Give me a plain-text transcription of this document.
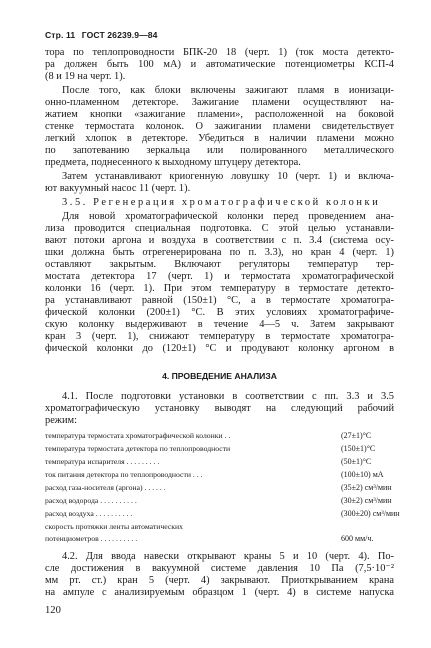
Стр. 11 ГОСТ 26239.9—84
тора по теплопроводности БПК-20 18 (черт. 1) (ток моста детекто-
ра должен быть 100 мА) и автоматические потенциометры КСП-4
(8 и 19 на черт. 1).
После того, как блоки включены зажигают пламя в ионизаци-
онно-пламенном детекторе. Зажигание пламени осуществляют на-
жатием кнопки «зажигание пламени», расположенной на боковой
стенке термостата колонок. О зажигании пламени свидетельствует
легкий хлопок в детекторе. Убедиться в наличии пламени можно
по запотеванию зеркальца или полированного металлического
предмета, поднесенного к выходному штуцеру детектора.
Затем устанавливают криогенную ловушку 10 (черт. 1) и включа-
ют вакуумный насос 11 (черт. 1).
3.5. Регенерация хроматографической колонки
Для новой хроматографической колонки перед проведением ана-
лиза проводится специальная подготовка. С этой целью устанавли-
вают потоки аргона и воздуха в соответствии с п. 3.4 (система осу-
шки должна быть отрегенерирована по п. 3.3), но кран 4 (черт. 1)
оставляют закрытым. Включают регуляторы температур тер-
мостата детектора 17 (черт. 1) и термостата хроматографической
колонки 16 (черт. 1). При этом температуру в термостате детекто-
ра устанавливают равной (150±1) °С, а в термостате хроматогра-
фической колонки (200±1) °С. В этих условиях хроматографиче-
скую колонку выдерживают в течение 4—5 ч. Затем закрывают
кран 3 (черт. 1), снижают температуру в термостате хроматогра-
фической колонки до (120±1) °С и продувают колонку аргоном в
4. ПРОВЕДЕНИЕ АНАЛИЗА
4.1. После подготовки установки в соответствии с пп. 3.3 и 3.5
хроматографическую установку выводят на следующий рабочий
режим:
температура термостата хроматографической колонки . .	(27±1)°С
температура термостата детектора по теплопроводности	(150±1)°С
температура испарителя . . . . . . . . .	(50±1)°С
ток питания детектора по теплопроводности . . .	(100±10) мА
расход газа-носителя (аргона) . . . . . .	(35±2) см³/мин
расход водорода . . . . . . . . . .	(30±2) см³/мин
расход воздуха . . . . . . . . . .	(300±20) см³/мин
скорость протяжки ленты автоматических
потенциометров . . . . . . . . . .	600 мм/ч.
4.2. Для ввода навески открывают краны 5 и 10 (черт. 4). По-
сле достижения в вакуумной системе давления 10 Па (7,5·10⁻²
мм рт. ст.) кран 5 (черт. 4) закрывают. Приоткрыванием крана
на ампуле с анализируемым образцом 1 (черт. 4) в системе напуска
120
